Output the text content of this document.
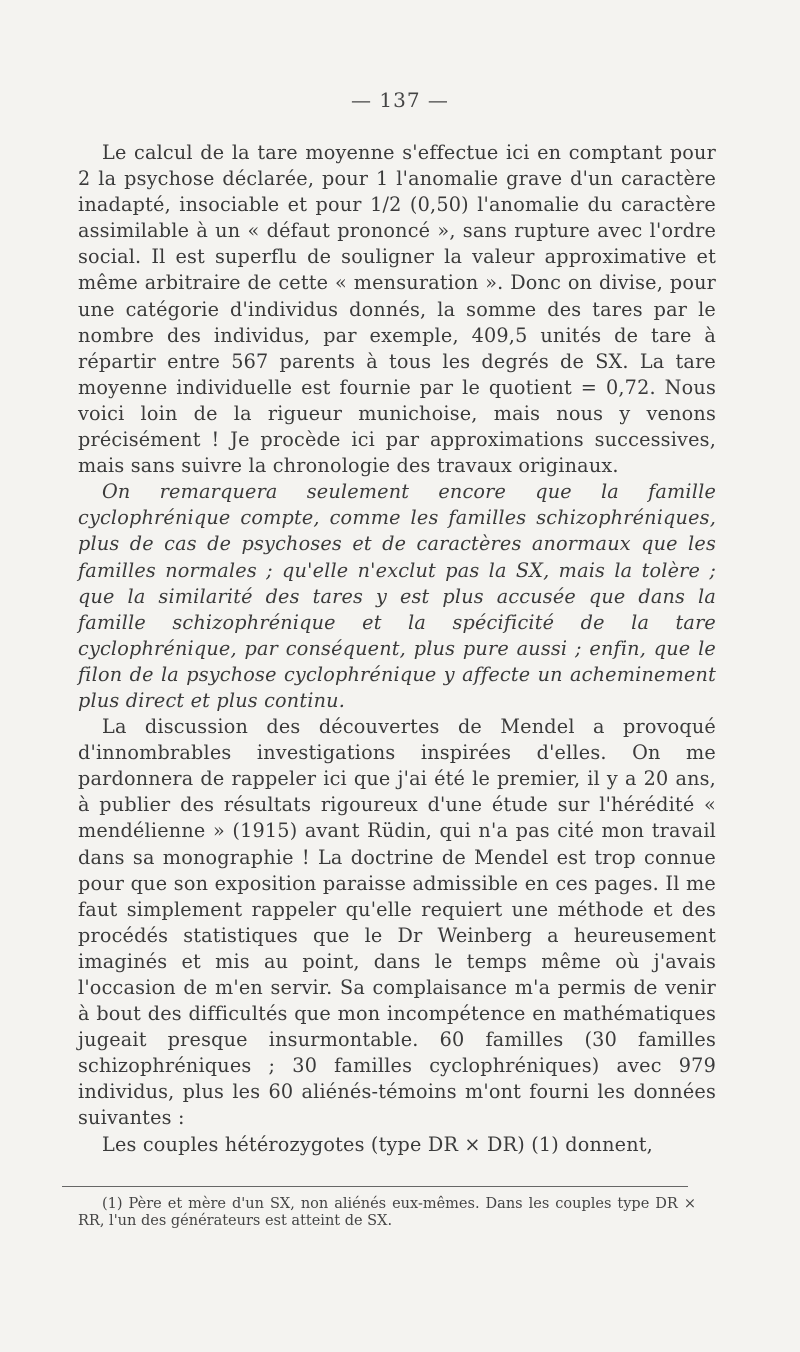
— 137 —

Le calcul de la tare moyenne s'effectue ici en comptant pour 2 la psychose déclarée, pour 1 l'anomalie grave d'un caractère inadapté, insociable et pour 1/2 (0,50) l'anomalie du caractère assimilable à un « défaut prononcé », sans rupture avec l'ordre social. Il est superflu de souligner la valeur approximative et même arbitraire de cette « mensuration ». Donc on divise, pour une catégorie d'individus donnés, la somme des tares par le nombre des individus, par exemple, 409,5 unités de tare à répartir entre 567 parents à tous les degrés de SX. La tare moyenne individuelle est fournie par le quotient = 0,72. Nous voici loin de la rigueur munichoise, mais nous y venons précisément ! Je procède ici par approximations successives, mais sans suivre la chronologie des travaux originaux.

On remarquera seulement encore que la famille cyclophrénique compte, comme les familles schizophréniques, plus de cas de psychoses et de caractères anormaux que les familles normales ; qu'elle n'exclut pas la SX, mais la tolère ; que la similarité des tares y est plus accusée que dans la famille schizophrénique et la spécificité de la tare cyclophrénique, par conséquent, plus pure aussi ; enfin, que le filon de la psychose cyclophrénique y affecte un acheminement plus direct et plus continu.

La discussion des découvertes de Mendel a provoqué d'innombrables investigations inspirées d'elles. On me pardonnera de rappeler ici que j'ai été le premier, il y a 20 ans, à publier des résultats rigoureux d'une étude sur l'hérédité « mendélienne » (1915) avant Rüdin, qui n'a pas cité mon travail dans sa monographie ! La doctrine de Mendel est trop connue pour que son exposition paraisse admissible en ces pages. Il me faut simplement rappeler qu'elle requiert une méthode et des procédés statistiques que le Dr Weinberg a heureusement imaginés et mis au point, dans le temps même où j'avais l'occasion de m'en servir. Sa complaisance m'a permis de venir à bout des difficultés que mon incompétence en mathématiques jugeait presque insurmontable. 60 familles (30 familles schizophréniques ; 30 familles cyclophréniques) avec 979 individus, plus les 60 aliénés-témoins m'ont fourni les données suivantes :

Les couples hétérozygotes (type DR × DR) (1) donnent,

(1) Père et mère d'un SX, non aliénés eux-mêmes. Dans les couples type DR × RR, l'un des générateurs est atteint de SX.
